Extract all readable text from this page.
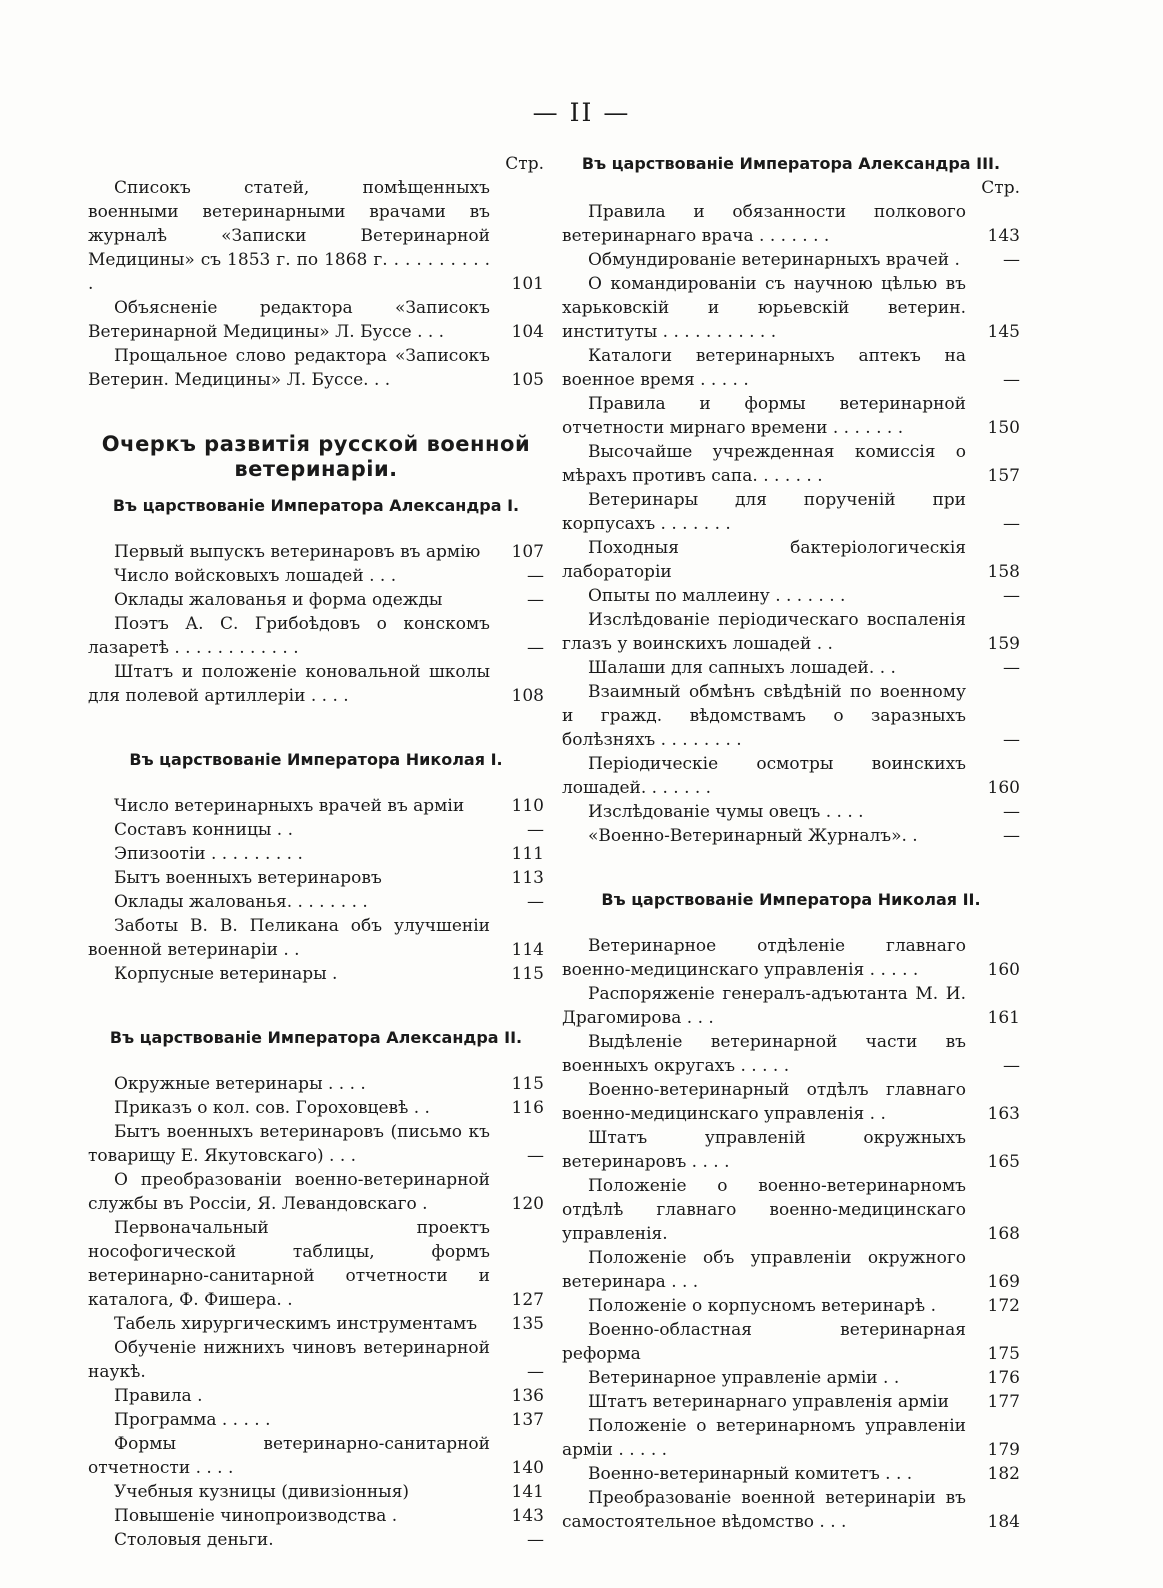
— II —
Стр.
Списокъ статей, помѣщенныхъ военными ветеринарными врачами въ журналѣ «Записки Ветеринарной Медицины» съ 1853 г. по 1868 г. . . . . . . . . . .	101
Объясненіе редактора «Записокъ Ветеринарной Медицины» Л. Буссе . . .	104
Прощальное слово редактора «Записокъ Ветерин. Медицины» Л. Буссе. . .	105
Очеркъ развитія русской военной ветеринаріи.
Въ царствованіе Императора Александра I.
Первый выпускъ ветеринаровъ въ армію	107
Число войсковыхъ лошадей . . .	—
Оклады жалованья и форма одежды	—
Поэтъ А. С. Грибоѣдовъ о конскомъ лазаретѣ . . . . . . . . . . . .	—
Штатъ и положеніе коновальной школы для полевой артиллеріи . . . .	108
Въ царствованіе Императора Николая I.
Число ветеринарныхъ врачей въ арміи	110
Составъ конницы . .	—
Эпизоотіи . . . . . . . . .	111
Бытъ военныхъ ветеринаровъ	113
Оклады жалованья. . . . . . . .	—
Заботы В. В. Пеликана объ улучшеніи военной ветеринаріи . .	114
Корпусные ветеринары .	115
Въ царствованіе Императора Александра II.
Окружные ветеринары . . . .	115
Приказъ о кол. сов. Гороховцевѣ . .	116
Бытъ военныхъ ветеринаровъ (письмо къ товарищу Е. Якутовскаго) . . .	—
О преобразованіи военно-ветеринарной службы въ Россіи, Я. Левандовскаго .	120
Первоначальный проектъ нософогической таблицы, формъ ветеринарно-санитарной отчетности и каталога, Ф. Фишера. .	127
Табель хирургическимъ инструментамъ	135
Обученіе нижнихъ чиновъ ветеринарной наукѣ.	—
Правила .	136
Программа . . . . .	137
Формы ветеринарно-санитарной отчетности . . . .	140
Учебныя кузницы (дивизіонныя)	141
Повышеніе чинопроизводства .	143
Столовыя деньги.	—
Въ царствованіе Императора Александра III.
Стр.
Правила и обязанности полкового ветеринарнаго врача . . . . . . .	143
Обмундированіе ветеринарныхъ врачей .	—
О командированіи съ научною цѣлью въ харьковскій и юрьевскій ветерин. институты . . . . . . . . . . .	145
Каталоги ветеринарныхъ аптекъ на военное время . . . . .	—
Правила и формы ветеринарной отчетности мирнаго времени . . . . . . .	150
Высочайше учрежденная комиссія о мѣрахъ противъ сапа. . . . . . .	157
Ветеринары для порученій при корпусахъ . . . . . . .	—
Походныя бактеріологическія лабораторіи	158
Опыты по маллеину . . . . . . .	—
Изслѣдованіе періодическаго воспаленія глазъ у воинскихъ лошадей . .	159
Шалаши для сапныхъ лошадей. . .	—
Взаимный обмѣнъ свѣдѣній по военному и гражд. вѣдомствамъ о заразныхъ болѣзняхъ . . . . . . . .	—
Періодическіе осмотры воинскихъ лошадей. . . . . . .	160
Изслѣдованіе чумы овецъ . . . .	—
«Военно-Ветеринарный Журналъ». .	—
Въ царствованіе Императора Николая II.
Ветеринарное отдѣленіе главнаго военно-медицинскаго управленія . . . . .	160
Распоряженіе генералъ-адъютанта М. И. Драгомирова . . .	161
Выдѣленіе ветеринарной части въ военныхъ округахъ . . . . .	—
Военно-ветеринарный отдѣлъ главнаго военно-медицинскаго управленія . .	163
Штатъ управленій окружныхъ ветеринаровъ . . . .	165
Положеніе о военно-ветеринарномъ отдѣлѣ главнаго военно-медицинскаго управленія.	168
Положеніе объ управленіи окружного ветеринара . . .	169
Положеніе о корпусномъ ветеринарѣ .	172
Военно-областная ветеринарная реформа	175
Ветеринарное управленіе арміи . .	176
Штатъ ветеринарнаго управленія арміи	177
Положеніе о ветеринарномъ управленіи арміи . . . . .	179
Военно-ветеринарный комитетъ . . .	182
Преобразованіе военной ветеринаріи въ самостоятельное вѣдомство . . .	184
